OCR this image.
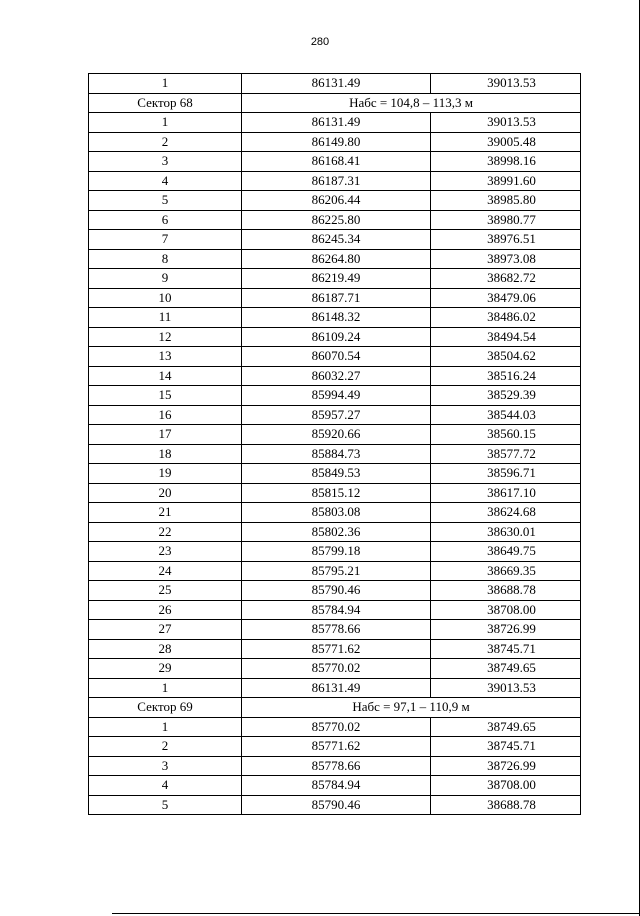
280
1	86131.49	39013.53
Сектор 68	Набс = 104,8 – 113,3 м	
1	86131.49	39013.53
2	86149.80	39005.48
3	86168.41	38998.16
4	86187.31	38991.60
5	86206.44	38985.80
6	86225.80	38980.77
7	86245.34	38976.51
8	86264.80	38973.08
9	86219.49	38682.72
10	86187.71	38479.06
11	86148.32	38486.02
12	86109.24	38494.54
13	86070.54	38504.62
14	86032.27	38516.24
15	85994.49	38529.39
16	85957.27	38544.03
17	85920.66	38560.15
18	85884.73	38577.72
19	85849.53	38596.71
20	85815.12	38617.10
21	85803.08	38624.68
22	85802.36	38630.01
23	85799.18	38649.75
24	85795.21	38669.35
25	85790.46	38688.78
26	85784.94	38708.00
27	85778.66	38726.99
28	85771.62	38745.71
29	85770.02	38749.65
1	86131.49	39013.53
Сектор 69	Набс = 97,1 – 110,9 м	
1	85770.02	38749.65
2	85771.62	38745.71
3	85778.66	38726.99
4	85784.94	38708.00
5	85790.46	38688.78
